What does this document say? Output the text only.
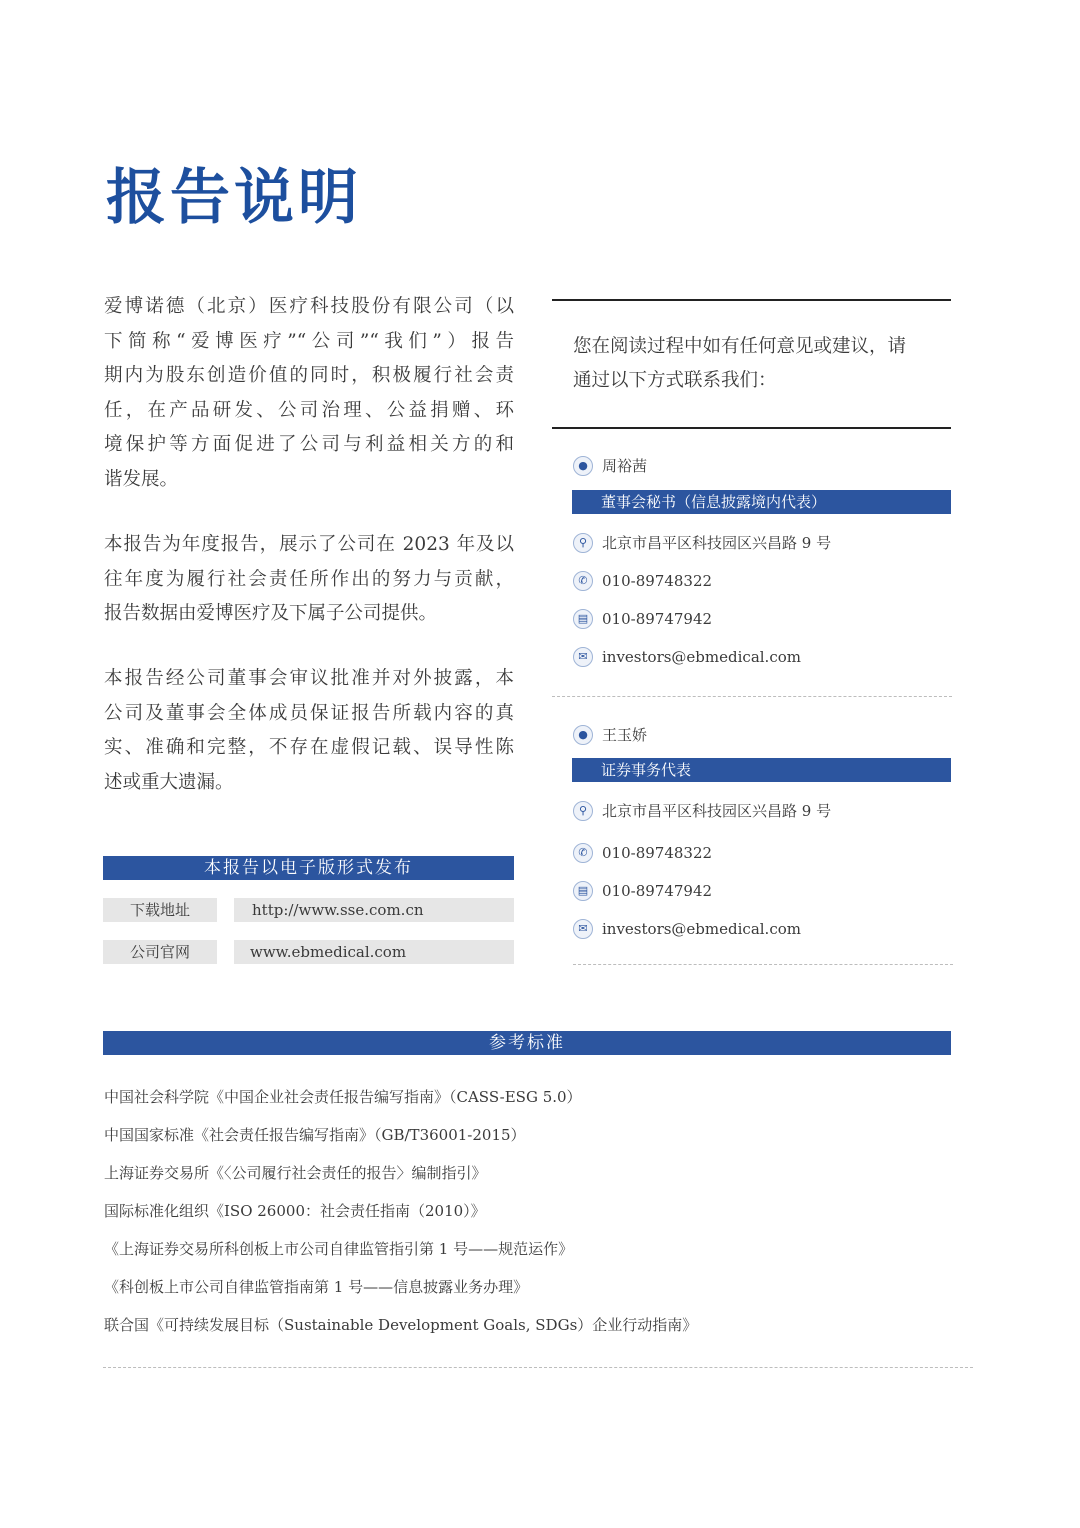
报告说明
爱博诺德（北京）医疗科技股份有限公司（以
下简称“爱博医疗”“公司”“我们”）报告
期内为股东创造价值的同时，积极履行社会责
任，在产品研发、公司治理、公益捐赠、环
境保护等方面促进了公司与利益相关方的和
谐发展。
本报告为年度报告，展示了公司在 2023 年及以
往年度为履行社会责任所作出的努力与贡献，
报告数据由爱博医疗及下属子公司提供。
本报告经公司董事会审议批准并对外披露，本
公司及董事会全体成员保证报告所载内容的真
实、准确和完整，不存在虚假记载、误导性陈
述或重大遗漏。
本报告以电子版形式发布
下载地址	http://www.sse.com.cn
公司官网	www.ebmedical.com
您在阅读过程中如有任何意见或建议，请
通过以下方式联系我们：
● 周裕茜
董事会秘书（信息披露境内代表）
⚲ 北京市昌平区科技园区兴昌路 9 号
✆ 010-89748322
▤ 010-89747942
✉ investors@ebmedical.com
● 王玉娇
证券事务代表
⚲ 北京市昌平区科技园区兴昌路 9 号
✆ 010-89748322
▤ 010-89747942
✉ investors@ebmedical.com
参考标准
中国社会科学院《中国企业社会责任报告编写指南》（CASS-ESG 5.0）
中国国家标准《社会责任报告编写指南》（GB/T36001-2015）
上海证券交易所《〈公司履行社会责任的报告〉编制指引》
国际标准化组织《ISO 26000：社会责任指南（2010）》
《上海证券交易所科创板上市公司自律监管指引第 1 号——规范运作》
《科创板上市公司自律监管指南第 1 号——信息披露业务办理》
联合国《可持续发展目标（Sustainable Development Goals, SDGs）企业行动指南》
